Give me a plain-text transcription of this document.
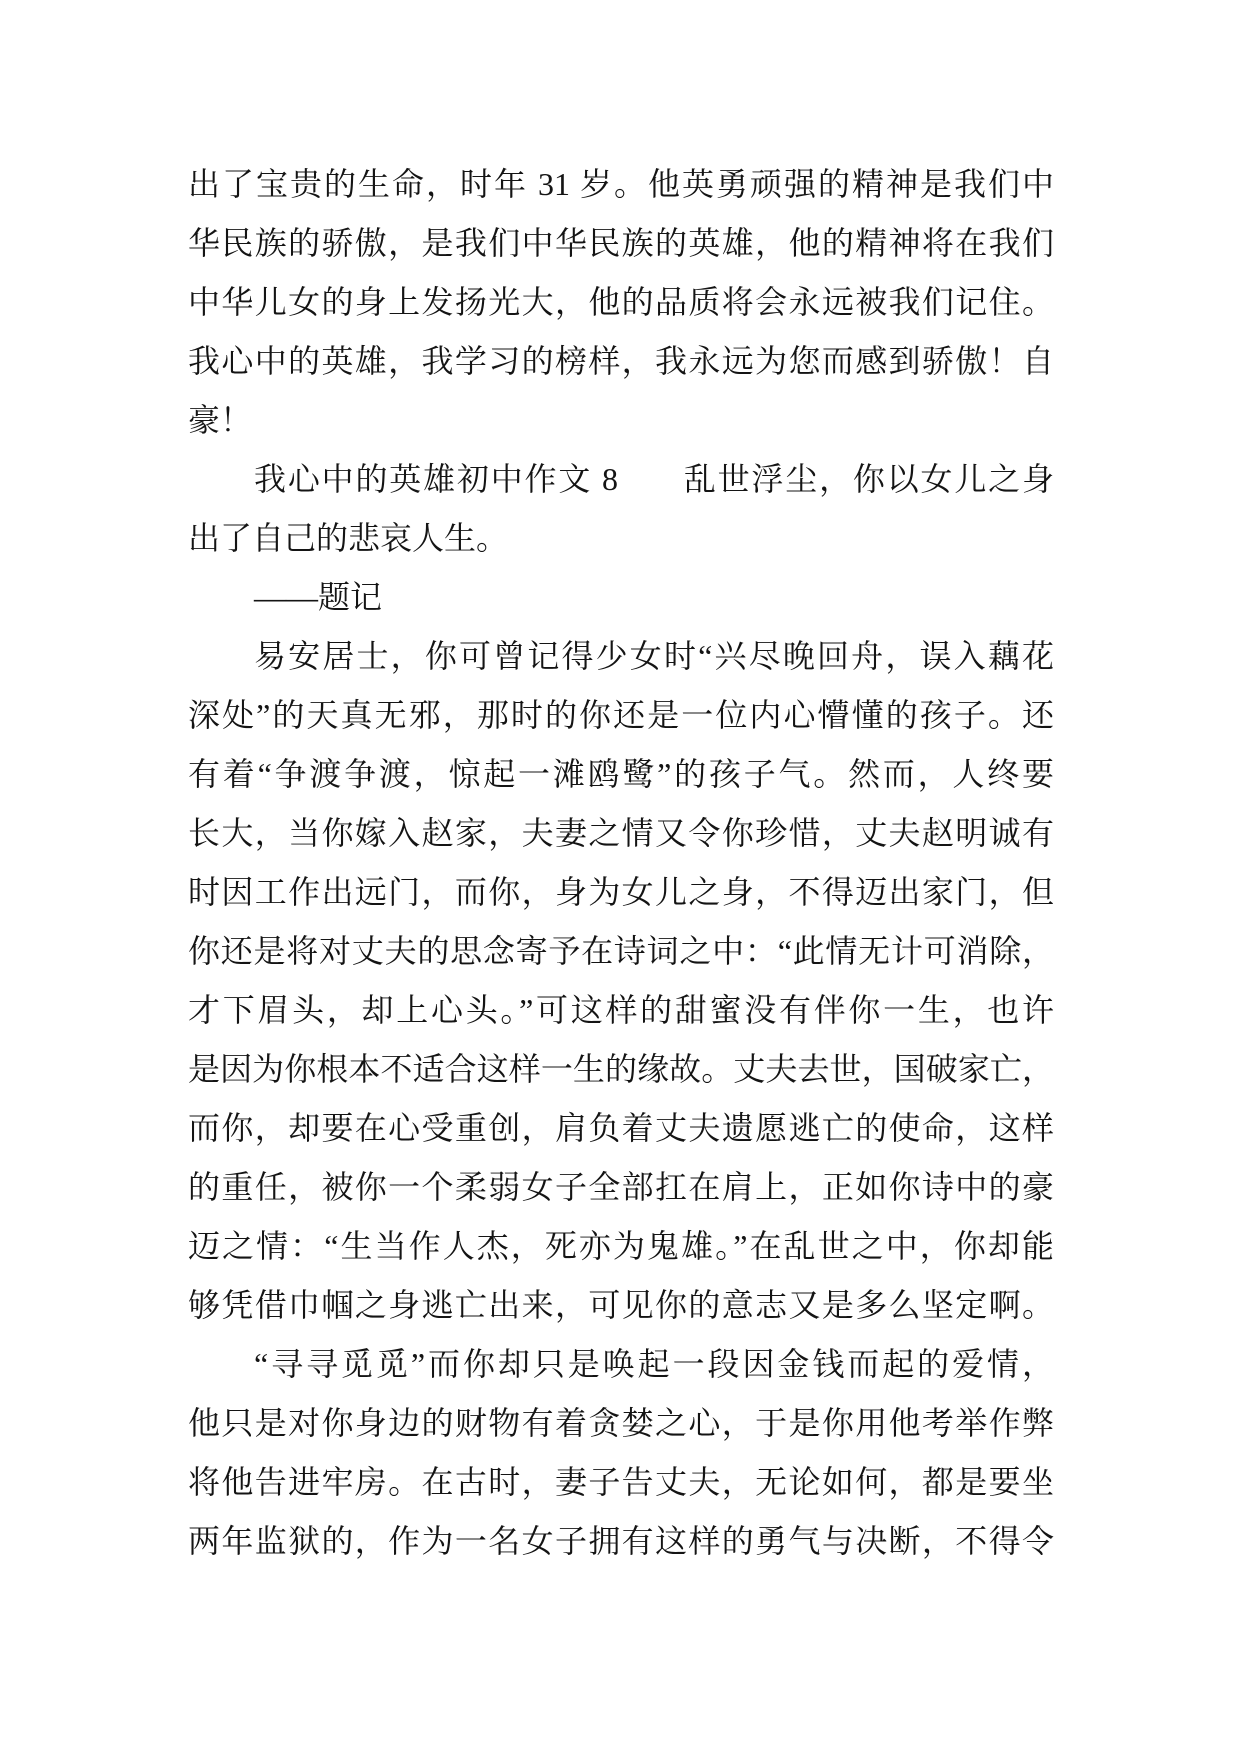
出了宝贵的生命，时年 31 岁。他英勇顽强的精神是我们中
华民族的骄傲，是我们中华民族的英雄，他的精神将在我们
中华儿女的身上发扬光大，他的品质将会永远被我们记住。
我心中的英雄，我学习的榜样，我永远为您而感到骄傲！自
豪！
我心中的英雄初中作文 8 乱世浮尘，你以女儿之身
出了自己的悲哀人生。
——题记
易安居士，你可曾记得少女时“兴尽晚回舟，误入藕花
深处”的天真无邪，那时的你还是一位内心懵懂的孩子。还
有着“争渡争渡，惊起一滩鸥鹭”的孩子气。然而，人终要
长大，当你嫁入赵家，夫妻之情又令你珍惜，丈夫赵明诚有
时因工作出远门，而你，身为女儿之身，不得迈出家门，但
你还是将对丈夫的思念寄予在诗词之中：“此情无计可消除，
才下眉头，却上心头。”可这样的甜蜜没有伴你一生，也许
是因为你根本不适合这样一生的缘故。丈夫去世，国破家亡，
而你，却要在心受重创，肩负着丈夫遗愿逃亡的使命，这样
的重任，被你一个柔弱女子全部扛在肩上，正如你诗中的豪
迈之情：“生当作人杰，死亦为鬼雄。”在乱世之中，你却能
够凭借巾帼之身逃亡出来，可见你的意志又是多么坚定啊。
“寻寻觅觅”而你却只是唤起一段因金钱而起的爱情，
他只是对你身边的财物有着贪婪之心，于是你用他考举作弊
将他告进牢房。在古时，妻子告丈夫，无论如何，都是要坐
两年监狱的，作为一名女子拥有这样的勇气与决断，不得令
